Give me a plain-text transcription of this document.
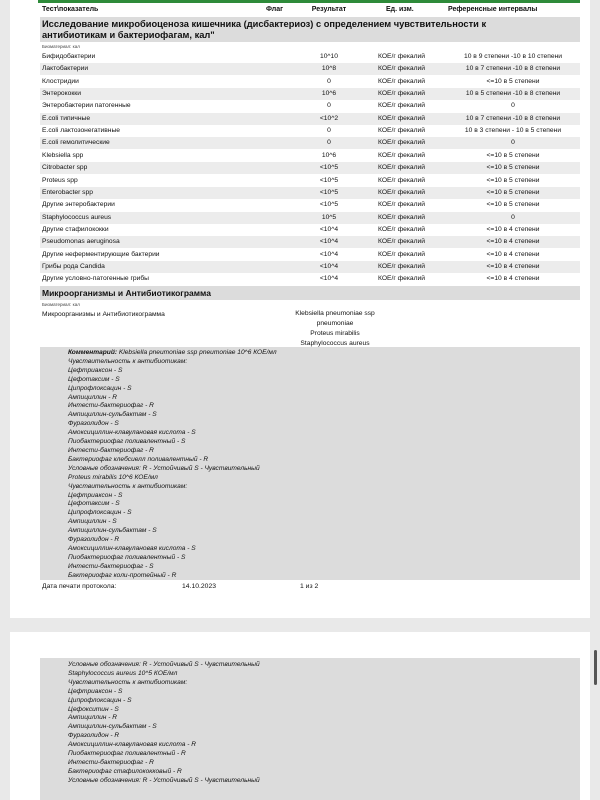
Тест\показатель	Флаг	Результат	Ед. изм.	Референсные интервалы
Исследование микробиоценоза кишечника (дисбактериоз) с определением чувствительности к
антибиотикам и бактериофагам, кал"
Биоматериал: кал
Бифидобактерии	10^10	КОЕ/г фекалий	10 в 9 степени -10 в 10 степени
Лактобактерии	10^8	КОЕ/г фекалий	10 в 7 степени -10 в 8 степени
Клостридии	0	КОЕ/г фекалий	<=10 в 5 степени
Энтерококки	10^6	КОЕ/г фекалий	10 в 5 степени -10 в 8 степени
Энтеробактерии патогенные	0	КОЕ/г фекалий	0
E.coli типичные	<10^2	КОЕ/г фекалий	10 в 7 степени -10 в 8 степени
E.coli лактозонегативные	0	КОЕ/г фекалий	10 в 3 степени - 10 в 5 степени
E.coli гемолитические	0	КОЕ/г фекалий	0
Klebsiella spp	10^6	КОЕ/г фекалий	<=10 в 5 степени
Citrobacter spp	<10^5	КОЕ/г фекалий	<=10 в 5 степени
Proteus spp	<10^5	КОЕ/г фекалий	<=10 в 5 степени
Enterobacter spp	<10^5	КОЕ/г фекалий	<=10 в 5 степени
Другие энтеробактерии	<10^5	КОЕ/г фекалий	<=10 в 5 степени
Staphylococcus aureus	10^5	КОЕ/г фекалий	0
Другие стафилококки	<10^4	КОЕ/г фекалий	<=10 в 4 степени
Pseudomonas aeruginosa	<10^4	КОЕ/г фекалий	<=10 в 4 степени
Другие неферментирующие бактерии	<10^4	КОЕ/г фекалий	<=10 в 4 степени
Грибы рода Candida	<10^4	КОЕ/г фекалий	<=10 в 4 степени
Другие условно-патогенные грибы	<10^4	КОЕ/г фекалий	<=10 в 4 степени
Микроорганизмы и Антибиотикограмма
Биоматериал: кал
Микроорганизмы и Антибиотикограмма	Klebsiella pneumoniae ssp
pneumoniae
Proteus mirabilis
Staphylococcus aureus
Комментарий: Klebsiella pneumoniae ssp pneumoniae 10^6 КОЕ/мл
Чувствительность к антибиотикам:
Цефтриаксон - S
Цефотаксим - S
Ципрофлоксацин - S
Ампициллин - R
Интести-бактериофаг - R
Ампициллин-сульбактам - S
Фуразолидон - S
Амоксициллин-клавулановая кислота - S
Пиобактериофаг поливалентный - S
Интести-бактериофаг - R
Бактериофаг клебсиелл поливалентный - R
Условные обозначения: R - Устойчивый S - Чувствительный
Proteus mirabilis 10^6 КОЕ/мл
Чувствительность к антибиотикам:
Цефтриаксон - S
Цефотаксим - S
Ципрофлоксацин - S
Ампициллин - S
Ампициллин-сульбактам - S
Фуразолидон - R
Амоксициллин-клавулановая кислота - S
Пиобактериофаг поливалентный - S
Интести-бактериофаг - S
Бактериофаг коли-протейный - R
Дата печати протокола:	14.10.2023	1 из 2
Условные обозначения: R - Устойчивый S - Чувствительный
Staphylococcus aureus 10^5 КОЕ/мл
Чувствительность к антибиотикам:
Цефтриаксон - S
Ципрофлоксацин - S
Цефокситин - S
Ампициллин - R
Ампициллин-сульбактам - S
Фуразолидон - R
Амоксициллин-клавулановая кислота - R
Пиобактериофаг поливалентный - R
Интести-бактериофаг - R
Бактериофаг стафилококковый - R
Условные обозначения: R - Устойчивый S - Чувствительный
